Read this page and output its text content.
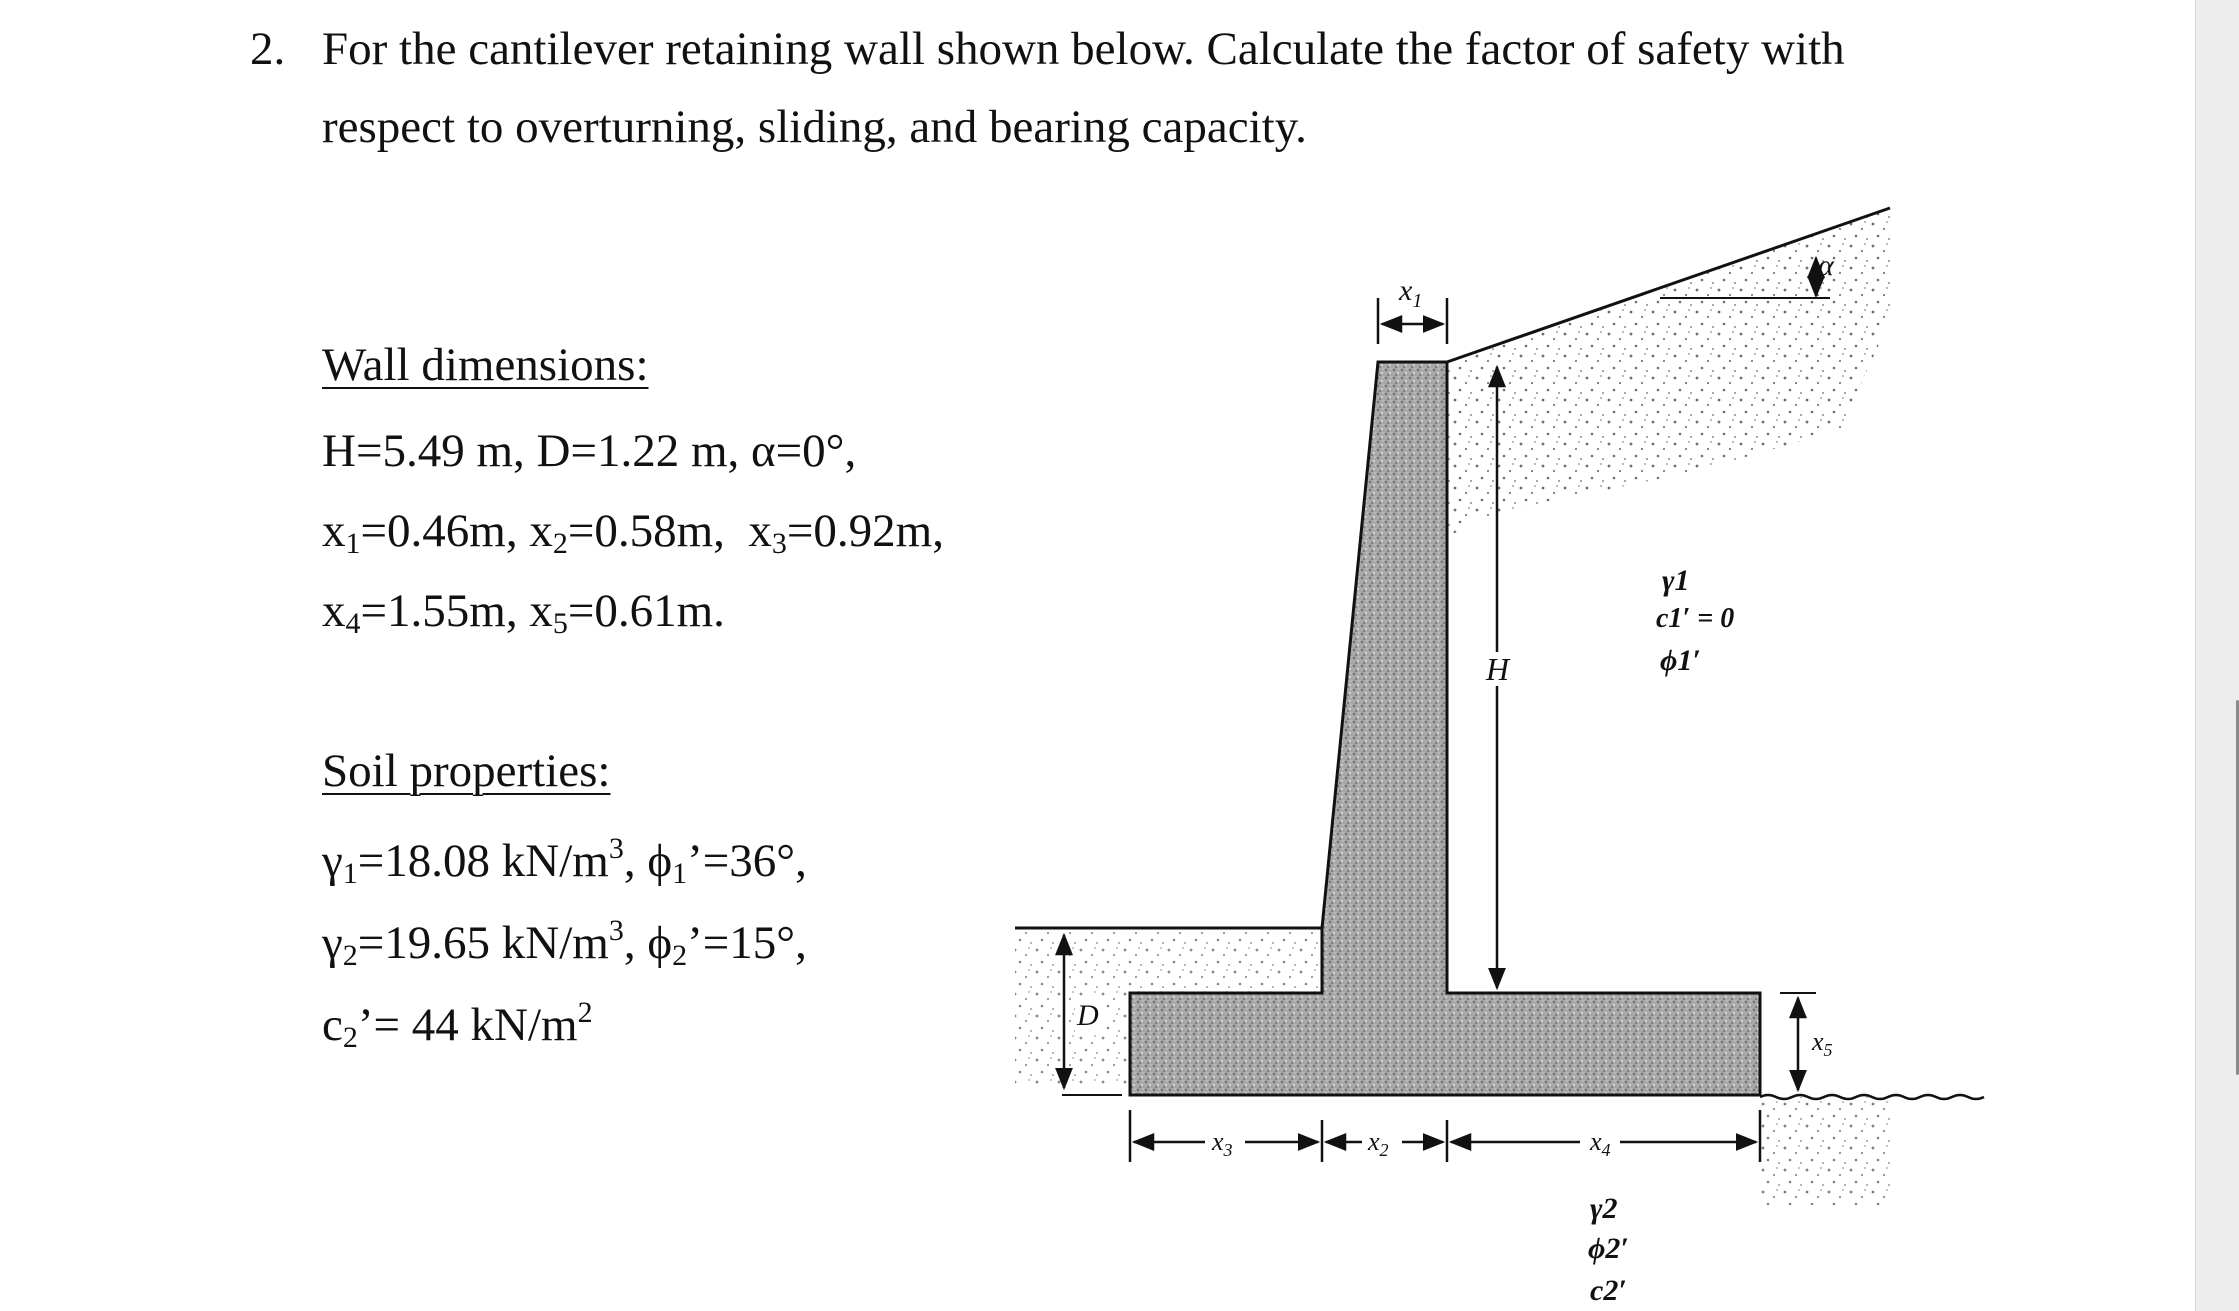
2. For the cantilever retaining wall shown below. Calculate the factor of safety with
respect to overturning, sliding, and bearing capacity.
Wall dimensions:
H=5.49 m, D=1.22 m, α=0°,
$x_1=0.46m$, $x_2=0.58m$, $x_3=0.92m$,
$x_4=1.55m$, $x_5=0.61m$.
Soil properties:
$\gamma_1=18.08$ $kN/m^3$, $\phi_1’=36^\circ$,
$\gamma_2=19.65$ $kN/m^3$, $\phi_2’=15^\circ$,
$c_2’= 44$ $kN/m^2$
$x_1$
H
α
D
$x_5$
$x_3$	$x_2$	$x_4$
γ1
c1′ = 0
ϕ1′
γ2
ϕ2′
c2′
